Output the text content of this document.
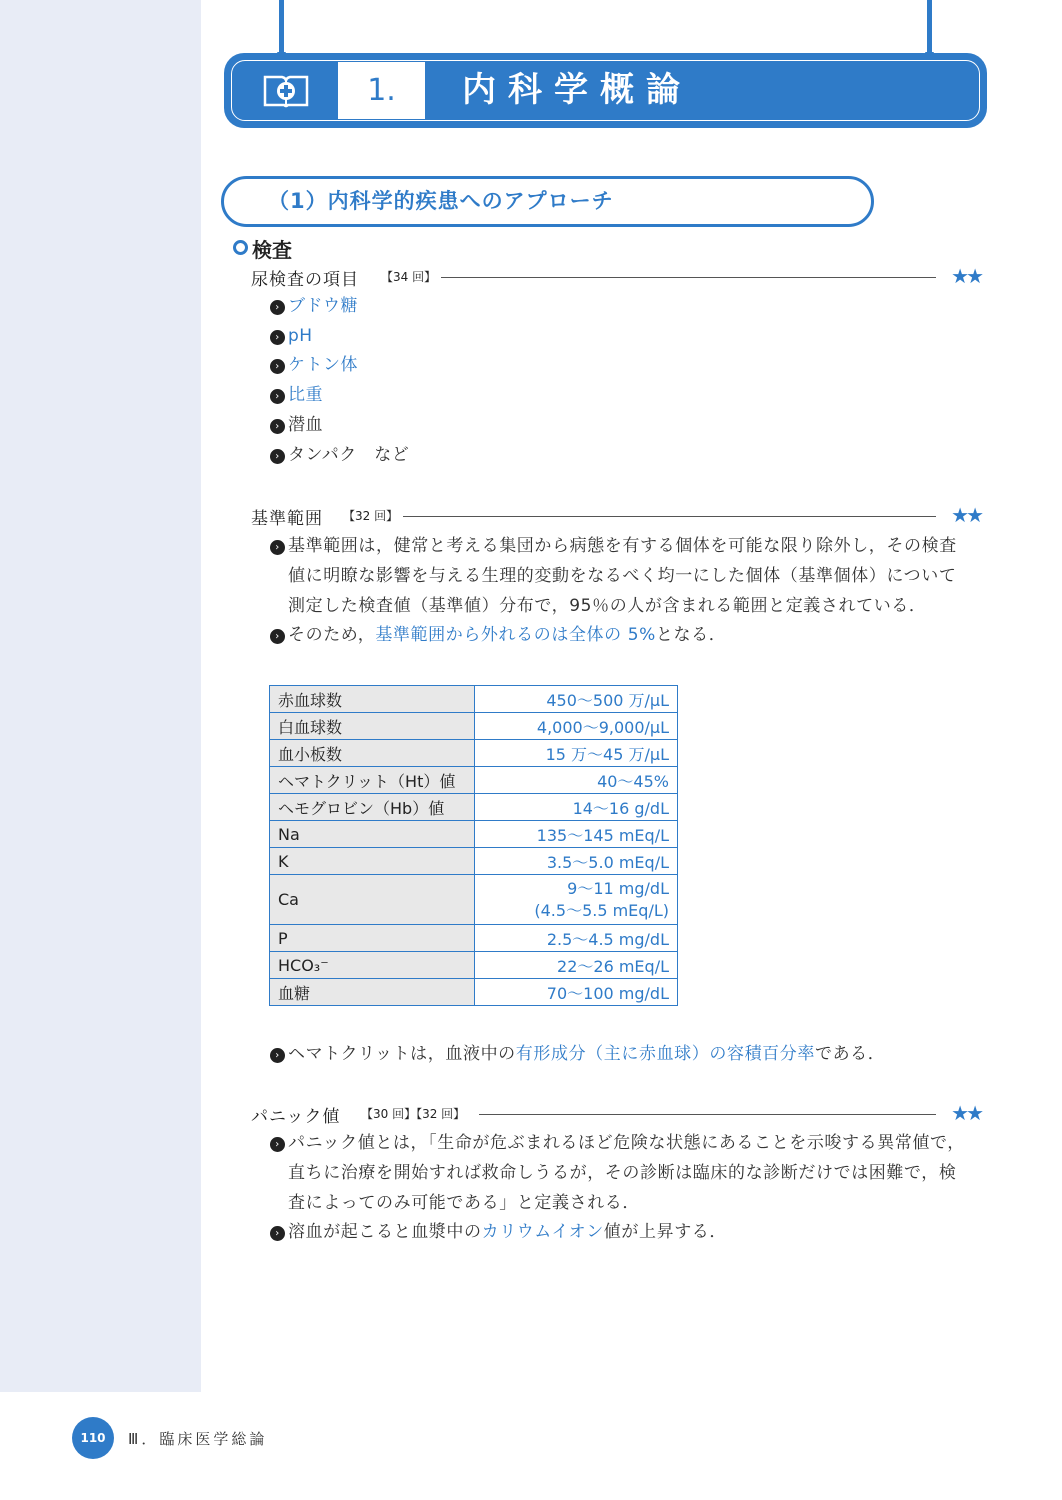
1.	内科学概論
（1）内科学的疾患へのアプローチ
検査
尿検査の項目 【34 回】	★★
› ブドウ糖
› pH
› ケトン体
› 比重
› 潜血
› タンパク　など
基準範囲 【32 回】	★★
› 基準範囲は，健常と考える集団から病態を有する個体を可能な限り除外し，その検査
値に明瞭な影響を与える生理的変動をなるべく均一にした個体（基準個体）について
測定した検査値（基準値）分布で，95％の人が含まれる範囲と定義されている．
› そのため，基準範囲から外れるのは全体の 5%となる．
赤血球数	450〜500 万/μL
白血球数	4,000〜9,000/μL
血小板数	15 万〜45 万/μL
ヘマトクリット（Ht）値	40〜45%
ヘモグロビン（Hb）値	14〜16 g/dL
Na	135〜145 mEq/L
K	3.5〜5.0 mEq/L
Ca	9〜11 mg/dL
(4.5〜5.5 mEq/L)
P	2.5〜4.5 mg/dL
HCO₃⁻	22〜26 mEq/L
血糖	70〜100 mg/dL
› ヘマトクリットは，血液中の有形成分（主に赤血球）の容積百分率である．
パニック値 【30 回】【32 回】	★★
› パニック値とは，「生命が危ぶまれるほど危険な状態にあることを示唆する異常値で，
直ちに治療を開始すれば救命しうるが，その診断は臨床的な診断だけでは困難で，検
査によってのみ可能である」と定義される．
› 溶血が起こると血漿中のカリウムイオン値が上昇する．
110	Ⅲ．臨床医学総論
